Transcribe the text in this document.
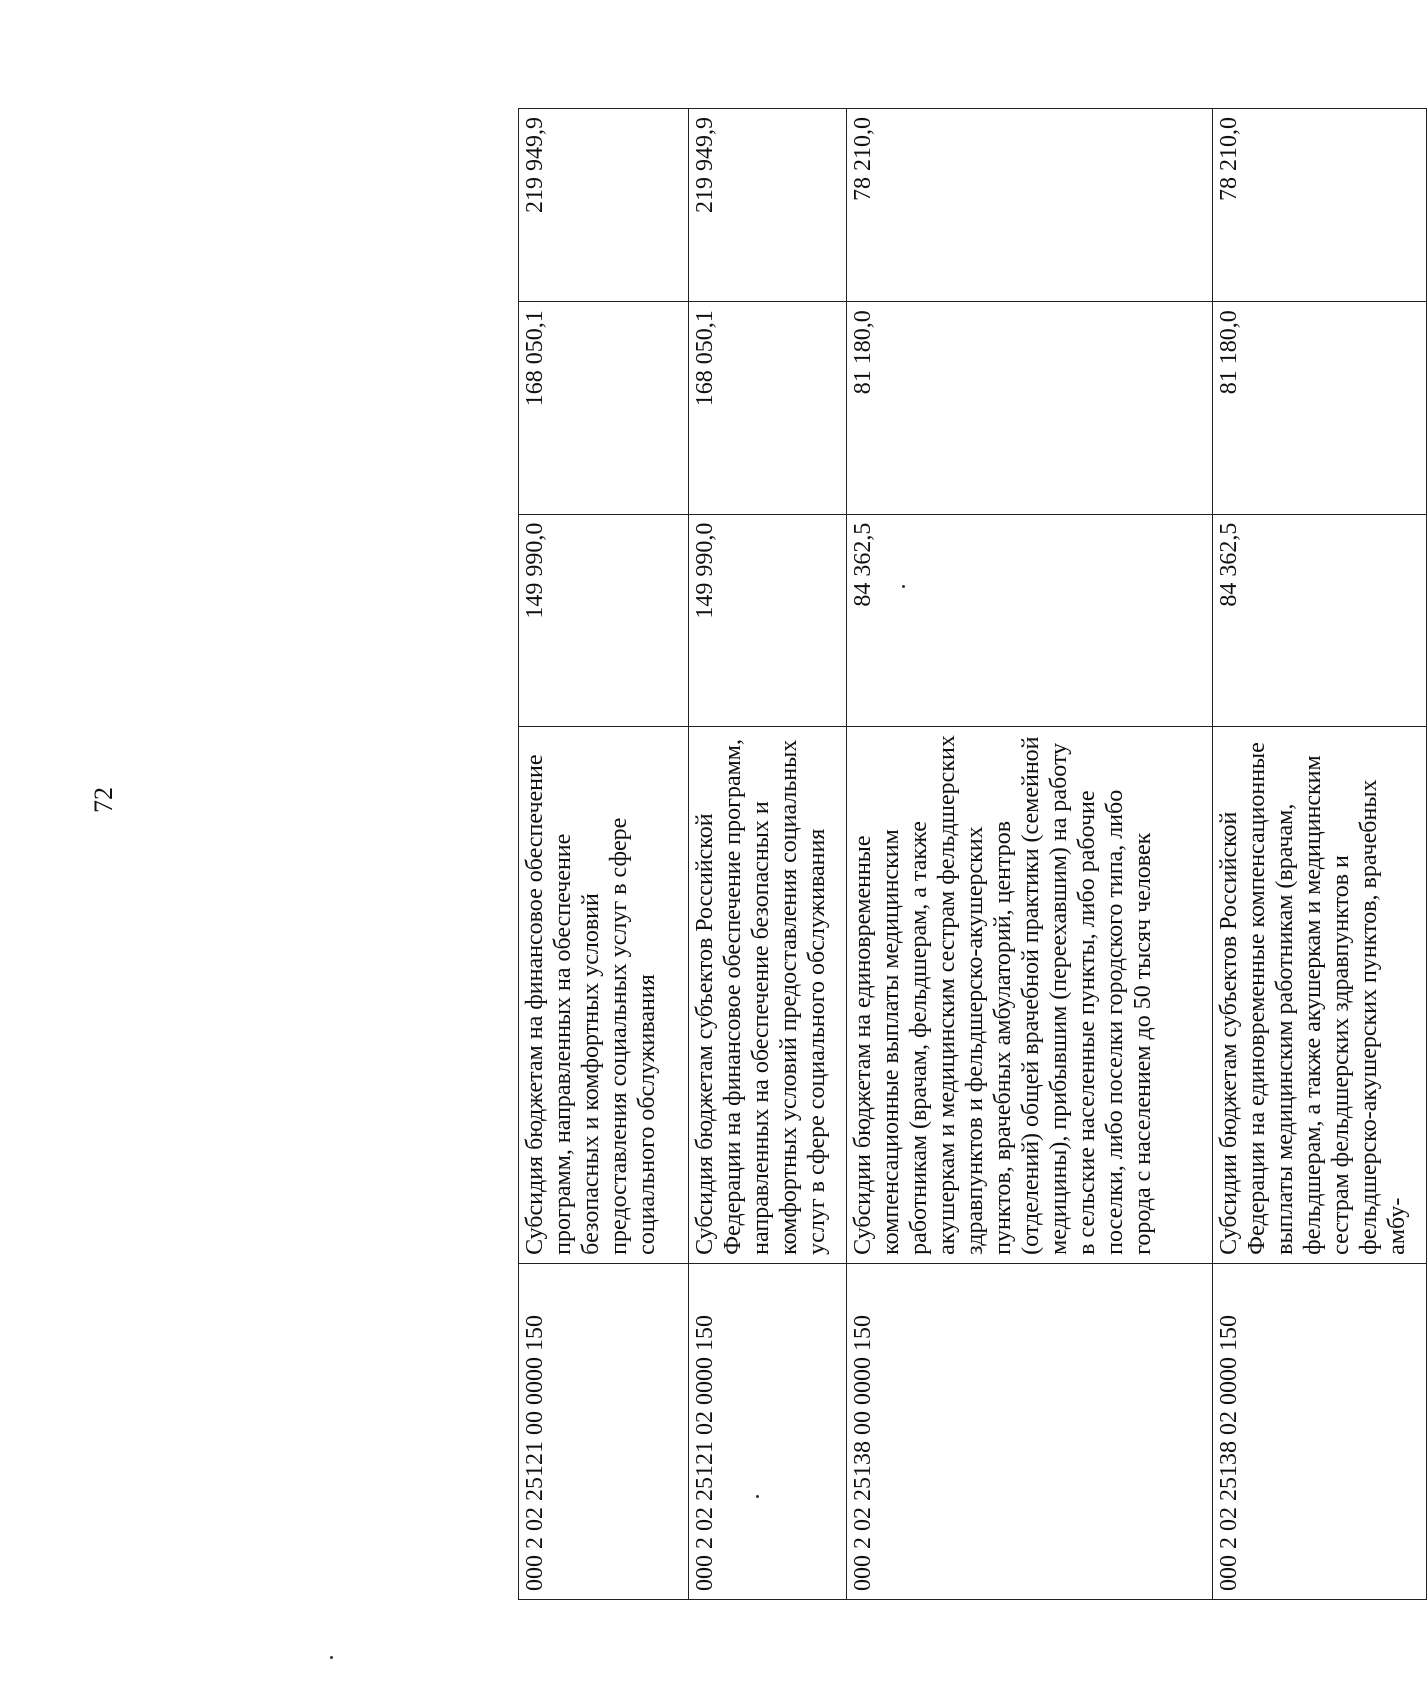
72
000 2 02 25121 00 0000 150	Субсидия бюджетам на финансовое обеспечение программ, направленных на обеспечение безопасных и комфортных условий предоставления социальных услуг в сфере социального обслуживания	149 990,0	168 050,1	219 949,9
000 2 02 25121 02 0000 150	Субсидия бюджетам субъектов Российской Федерации на финансовое обеспечение программ, направленных на обеспечение безопасных и комфортных условий предоставления социальных услуг в сфере социального обслуживания	149 990,0	168 050,1	219 949,9
000 2 02 25138 00 0000 150	Субсидии бюджетам на единовременные компенсационные выплаты медицинским работникам (врачам, фельдшерам, а также акушеркам и медицинским сестрам фельдшерских здравпунктов и фельдшерско-акушерских пунктов, врачебных амбулаторий, центров (отделений) общей врачебной практики (семейной медицины), прибывшим (переехавшим) на работу в сельские населенные пункты, либо рабочие поселки, либо поселки городского типа, либо города с населением до 50 тысяч человек	84 362,5	81 180,0	78 210,0
000 2 02 25138 02 0000 150	Субсидии бюджетам субъектов Российской Федерации на единовременные компенсационные выплаты медицинским работникам (врачам, фельдшерам, а также акушеркам и медицинским сестрам фельдшерских здравпунктов и фельдшерско-акушерских пунктов, врачебных амбу-	84 362,5	81 180,0	78 210,0
